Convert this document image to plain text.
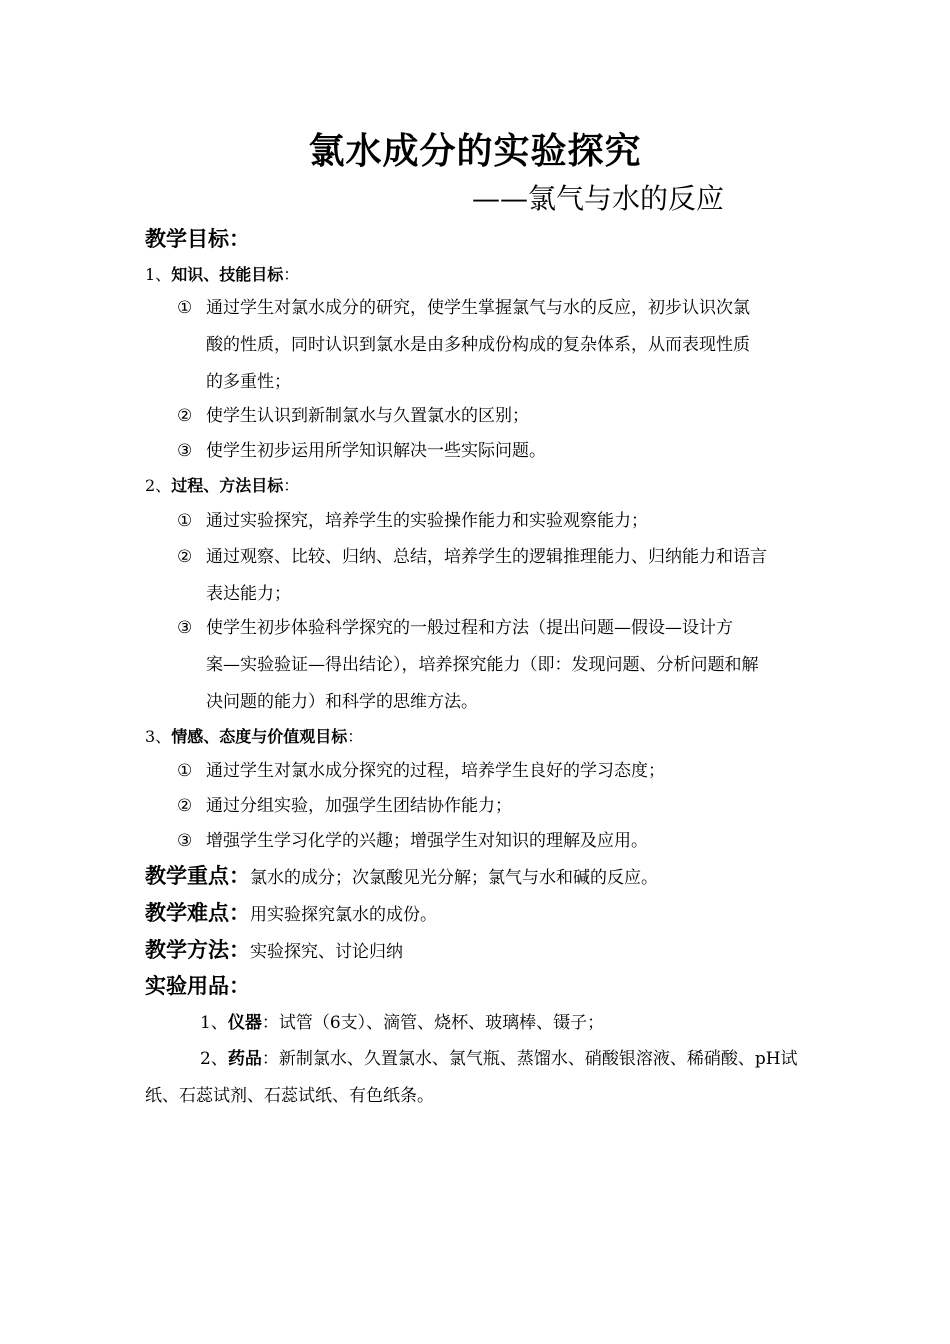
氯水成分的实验探究
——氯气与水的反应
教学目标：
1、知识、技能目标：
① 通过学生对氯水成分的研究，使学生掌握氯气与水的反应，初步认识次氯
酸的性质，同时认识到氯水是由多种成份构成的复杂体系，从而表现性质
的多重性；
② 使学生认识到新制氯水与久置氯水的区别；
③ 使学生初步运用所学知识解决一些实际问题。
2、过程、方法目标：
① 通过实验探究，培养学生的实验操作能力和实验观察能力；
② 通过观察、比较、归纳、总结，培养学生的逻辑推理能力、归纳能力和语言
表达能力；
③ 使学生初步体验科学探究的一般过程和方法（提出问题—假设—设计方
案—实验验证—得出结论），培养探究能力（即：发现问题、分析问题和解
决问题的能力）和科学的思维方法。
3、情感、态度与价值观目标：
① 通过学生对氯水成分探究的过程，培养学生良好的学习态度；
② 通过分组实验，加强学生团结协作能力；
③ 增强学生学习化学的兴趣；增强学生对知识的理解及应用。
教学重点：氯水的成分；次氯酸见光分解；氯气与水和碱的反应。
教学难点：用实验探究氯水的成份。
教学方法：实验探究、讨论归纳
实验用品：
1、仪器：试管（6支）、滴管、烧杯、玻璃棒、镊子；
2、药品：新制氯水、久置氯水、氯气瓶、蒸馏水、硝酸银溶液、稀硝酸、pH试
纸、石蕊试剂、石蕊试纸、有色纸条。
